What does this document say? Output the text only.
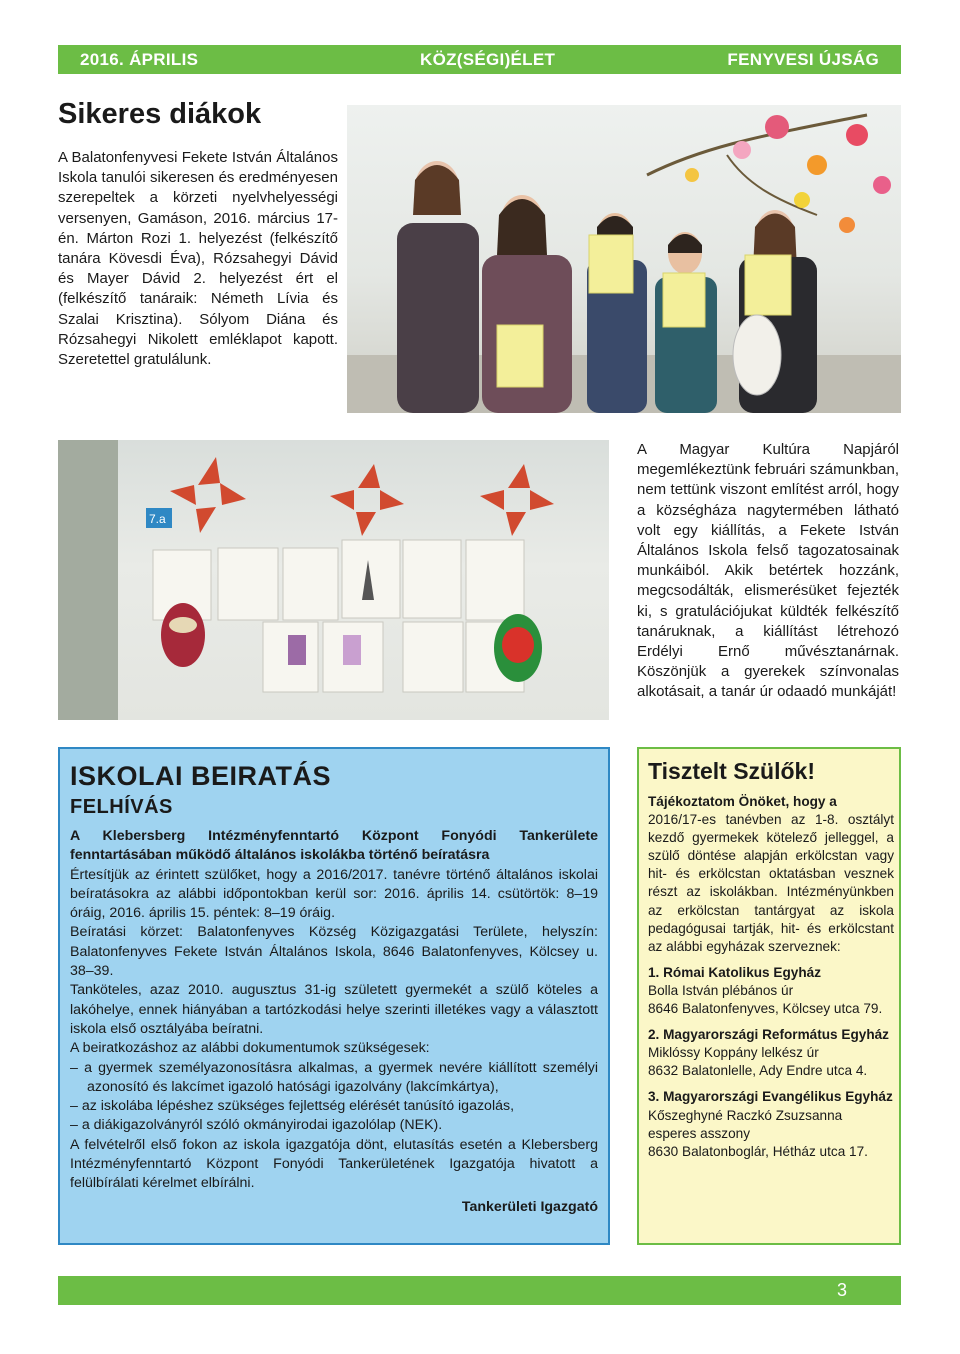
2016. ÁPRILIS	KÖZ(SÉGI)ÉLET	FENYVESI ÚJSÁG
Sikeres diákok

A Balatonfenyvesi Fekete István Általános Iskola tanulói sikeresen és eredményesen szerepeltek a körzeti nyelvhelyességi versenyen, Gamáson, 2016. március 17-én. Márton Rozi 1. helyezést (felkészítő tanára Kövesdi Éva), Rózsahegyi Dávid és Mayer Dávid 2. helyezést ért el (felkészítő tanáraik: Németh Lívia és Szalai Krisztina). Sólyom Diána és Rózsahegyi Nikolett emléklapot kapott. Szeretettel gratulálunk.

7.a

A Magyar Kultúra Napjáról megemlékeztünk februári számunkban, nem tettünk viszont említést arról, hogy a községháza nagytermében látható volt egy kiállítás, a Fekete István Általános Iskola felső tagozatosainak munkáiból. Akik betértek hozzánk, megcsodálták, elismerésüket fejezték ki, s gratulációjukat küldték felkészítő tanáruknak, a kiállítást létrehozó Erdélyi Ernő művésztanárnak. Köszönjük a gyerekek színvonalas alkotásait, a tanár úr odaadó munkáját!

ISKOLAI BEIRATÁS
FELHÍVÁS

A Klebersberg Intézményfenntartó Központ Fonyódi Tankerülete fenntartásában működő általános iskolákba történő beíratásra

Értesítjük az érintett szülőket, hogy a 2016/2017. tanévre történő általános iskolai beíratásokra az alábbi időpontokban kerül sor: 2016. április 14. csütörtök: 8–19 óráig, 2016. április 15. péntek: 8–19 óráig.

Beíratási körzet: Balatonfenyves Község Közigazgatási Területe, helyszín: Balatonfenyves Fekete István Általános Iskola, 8646 Balatonfenyves, Kölcsey u. 38–39.

Tanköteles, azaz 2010. augusztus 31-ig született gyermekét a szülő köteles a lakóhelye, ennek hiányában a tartózkodási helye szerinti illetékes vagy a választott iskola első osztályába beíratni.

A beiratkozáshoz az alábbi dokumentumok szükségesek:

– a gyermek személyazonosításra alkalmas, a gyermek nevére kiállított személyi azonosító és lakcímet igazoló hatósági igazolvány (lakcímkártya),

– az iskolába lépéshez szükséges fejlettség elérését tanúsító igazolás,

– a diákigazolványról szóló okmányirodai igazolólap (NEK).

A felvételről első fokon az iskola igazgatója dönt, elutasítás esetén a Klebersberg Intézményfenntartó Központ Fonyódi Tankerületének Igazgatója hivatott a felülbírálati kérelmet elbírálni.

Tankerületi Igazgató

Tisztelt Szülők!

Tájékoztatom Önöket, hogy a

2016/17-es tanévben az 1-8. osztályt kezdő gyermekek kötelező jelleggel, a szülő döntése alapján erkölcstan vagy hit- és erkölcstan oktatásban vesznek részt az iskolákban. Intézményünkben az erkölcstan tantárgyat az iskola pedagógusai tartják, hit- és erkölcstant az alábbi egyházak szerveznek:

1. Római Katolikus Egyház
Bolla István plébános úr
8646 Balatonfenyves, Kölcsey utca 79.

2. Magyarországi Református Egyház
Miklóssy Koppány lelkész úr
8632 Balatonlelle, Ady Endre utca 4.

3. Magyarországi Evangélikus Egyház
Kőszeghyné Raczkó Zsuzsanna esperes asszony
8630 Balatonboglár, Hétház utca 17.

3
